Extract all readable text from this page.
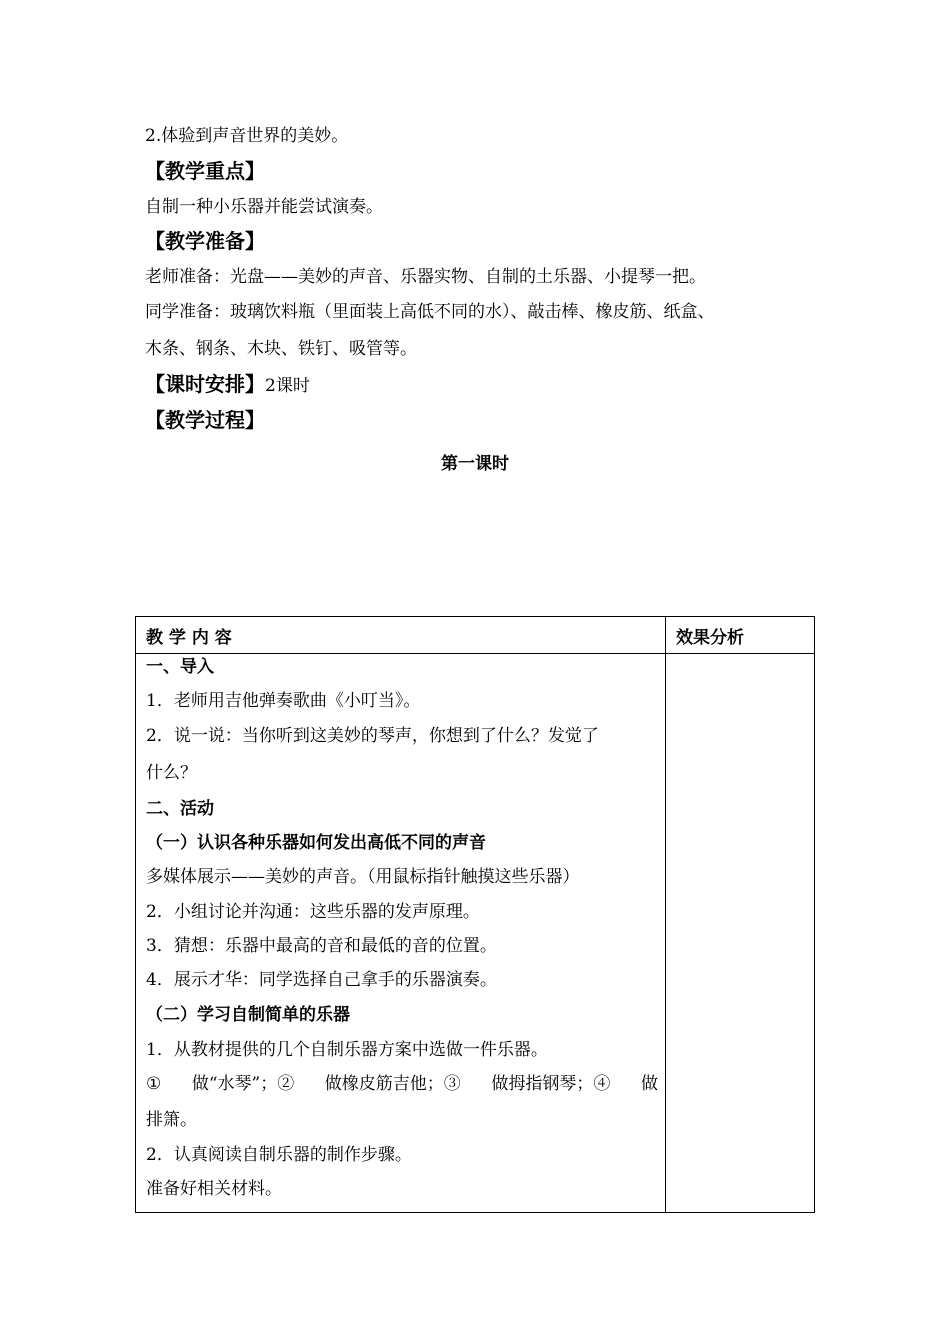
2.体验到声音世界的美妙。
【教学重点】
自制一种小乐器并能尝试演奏。
【教学准备】
老师准备：光盘——美妙的声音、乐器实物、自制的土乐器、小提琴一把。
同学准备：玻璃饮料瓶（里面装上高低不同的水）、敲击棒、橡皮筋、纸盒、
木条、钢条、木块、铁钉、吸管等。
【课时安排】2课时
【教学过程】
第一课时
教 学 内 容	效果分析
一、导入
1．老师用吉他弹奏歌曲《小叮当》。
2．说一说：当你听到这美妙的琴声，你想到了什么？发觉了
什么？
二、活动
（一）认识各种乐器如何发出高低不同的声音
多媒体展示——美妙的声音。（用鼠标指针触摸这些乐器）
2．小组讨论并沟通：这些乐器的发声原理。
3．猜想：乐器中最高的音和最低的音的位置。
4．展示才华：同学选择自己拿手的乐器演奏。
（二）学习自制简单的乐器
1．从教材提供的几个自制乐器方案中选做一件乐器。
① 做“水琴”；② 做橡皮筋吉他；③ 做拇指钢琴；④ 做
排箫。
2．认真阅读自制乐器的制作步骤。
准备好相关材料。
